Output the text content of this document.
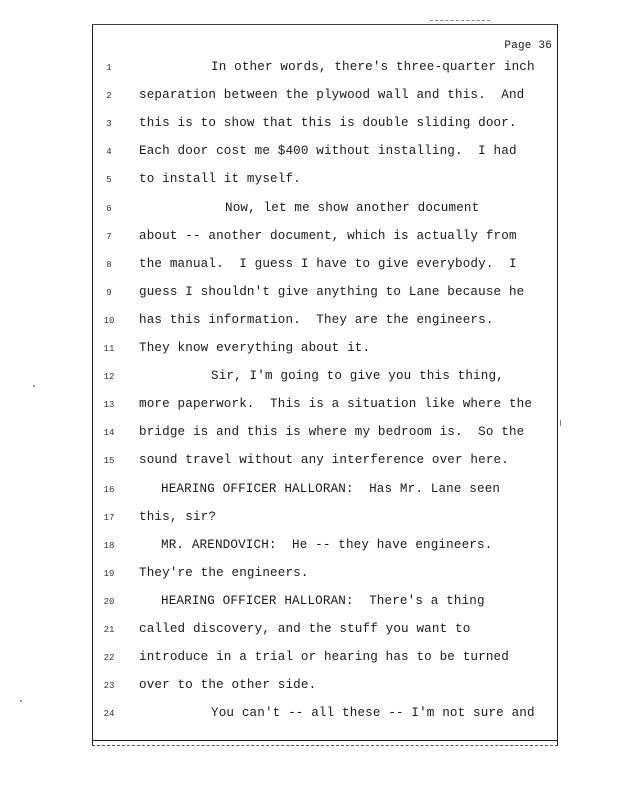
Page 36
1	In other words, there's three-quarter inch
2	separation between the plywood wall and this.  And
3	this is to show that this is double sliding door.
4	Each door cost me $400 without installing.  I had
5	to install it myself.
6	Now, let me show another document
7	about -- another document, which is actually from
8	the manual.  I guess I have to give everybody.  I
9	guess I shouldn't give anything to Lane because he
10 has this information.  They are the engineers.
11 They know everything about it.
12	Sir, I'm going to give you this thing,
13 more paperwork.  This is a situation like where the
14 bridge is and this is where my bedroom is.  So the
15 sound travel without any interference over here.
16	HEARING OFFICER HALLORAN:  Has Mr. Lane seen
17 this, sir?
18	MR. ARENDOVICH:  He -- they have engineers.
19 They're the engineers.
20	HEARING OFFICER HALLORAN:  There's a thing
21 called discovery, and the stuff you want to
22 introduce in a trial or hearing has to be turned
23 over to the other side.
24	You can't -- all these -- I'm not sure and
